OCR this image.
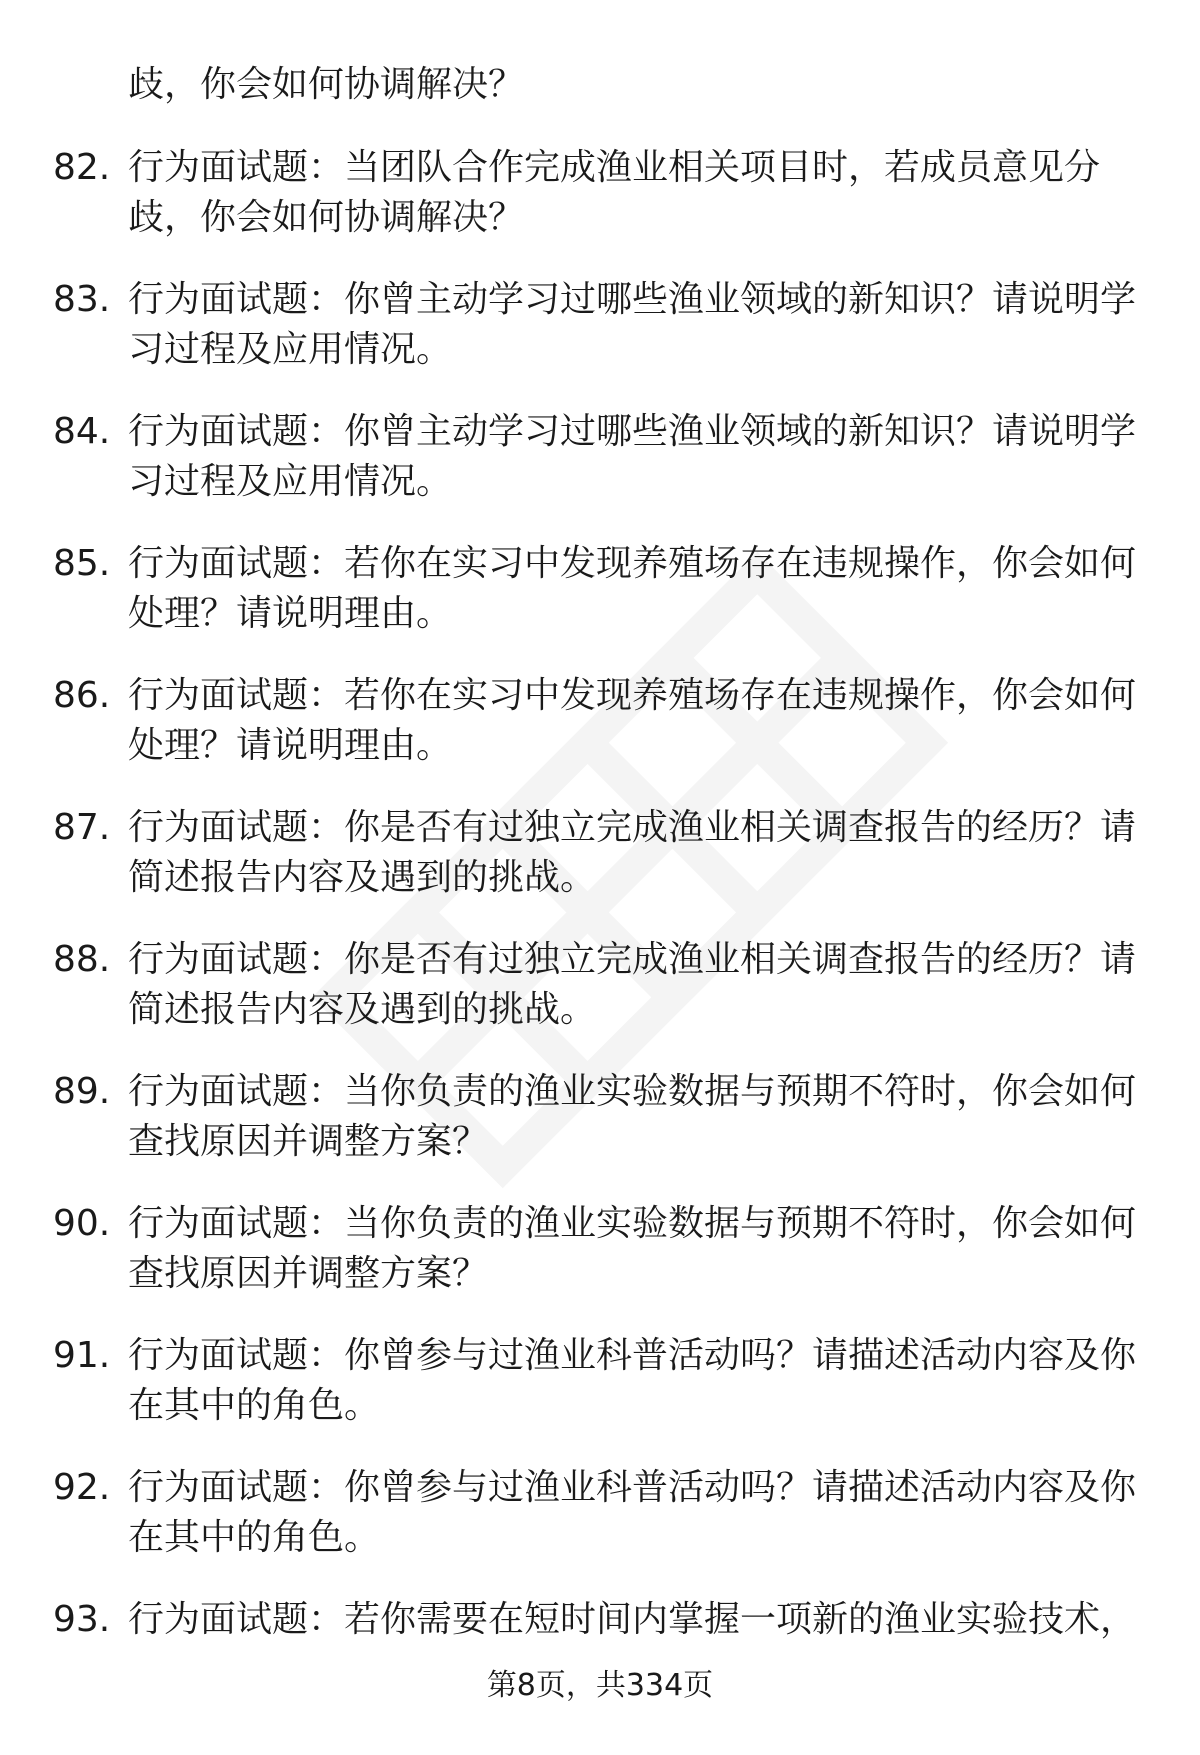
歧，你会如何协调解决？

82. 行为面试题：当团队合作完成渔业相关项目时，若成员意见分歧，你会如何协调解决？
83. 行为面试题：你曾主动学习过哪些渔业领域的新知识？请说明学习过程及应用情况。
84. 行为面试题：你曾主动学习过哪些渔业领域的新知识？请说明学习过程及应用情况。
85. 行为面试题：若你在实习中发现养殖场存在违规操作，你会如何处理？请说明理由。
86. 行为面试题：若你在实习中发现养殖场存在违规操作，你会如何处理？请说明理由。
87. 行为面试题：你是否有过独立完成渔业相关调查报告的经历？请简述报告内容及遇到的挑战。
88. 行为面试题：你是否有过独立完成渔业相关调查报告的经历？请简述报告内容及遇到的挑战。
89. 行为面试题：当你负责的渔业实验数据与预期不符时，你会如何查找原因并调整方案？
90. 行为面试题：当你负责的渔业实验数据与预期不符时，你会如何查找原因并调整方案？
91. 行为面试题：你曾参与过渔业科普活动吗？请描述活动内容及你在其中的角色。
92. 行为面试题：你曾参与过渔业科普活动吗？请描述活动内容及你在其中的角色。
93. 行为面试题：若你需要在短时间内掌握一项新的渔业实验技术，
第8页，共334页
